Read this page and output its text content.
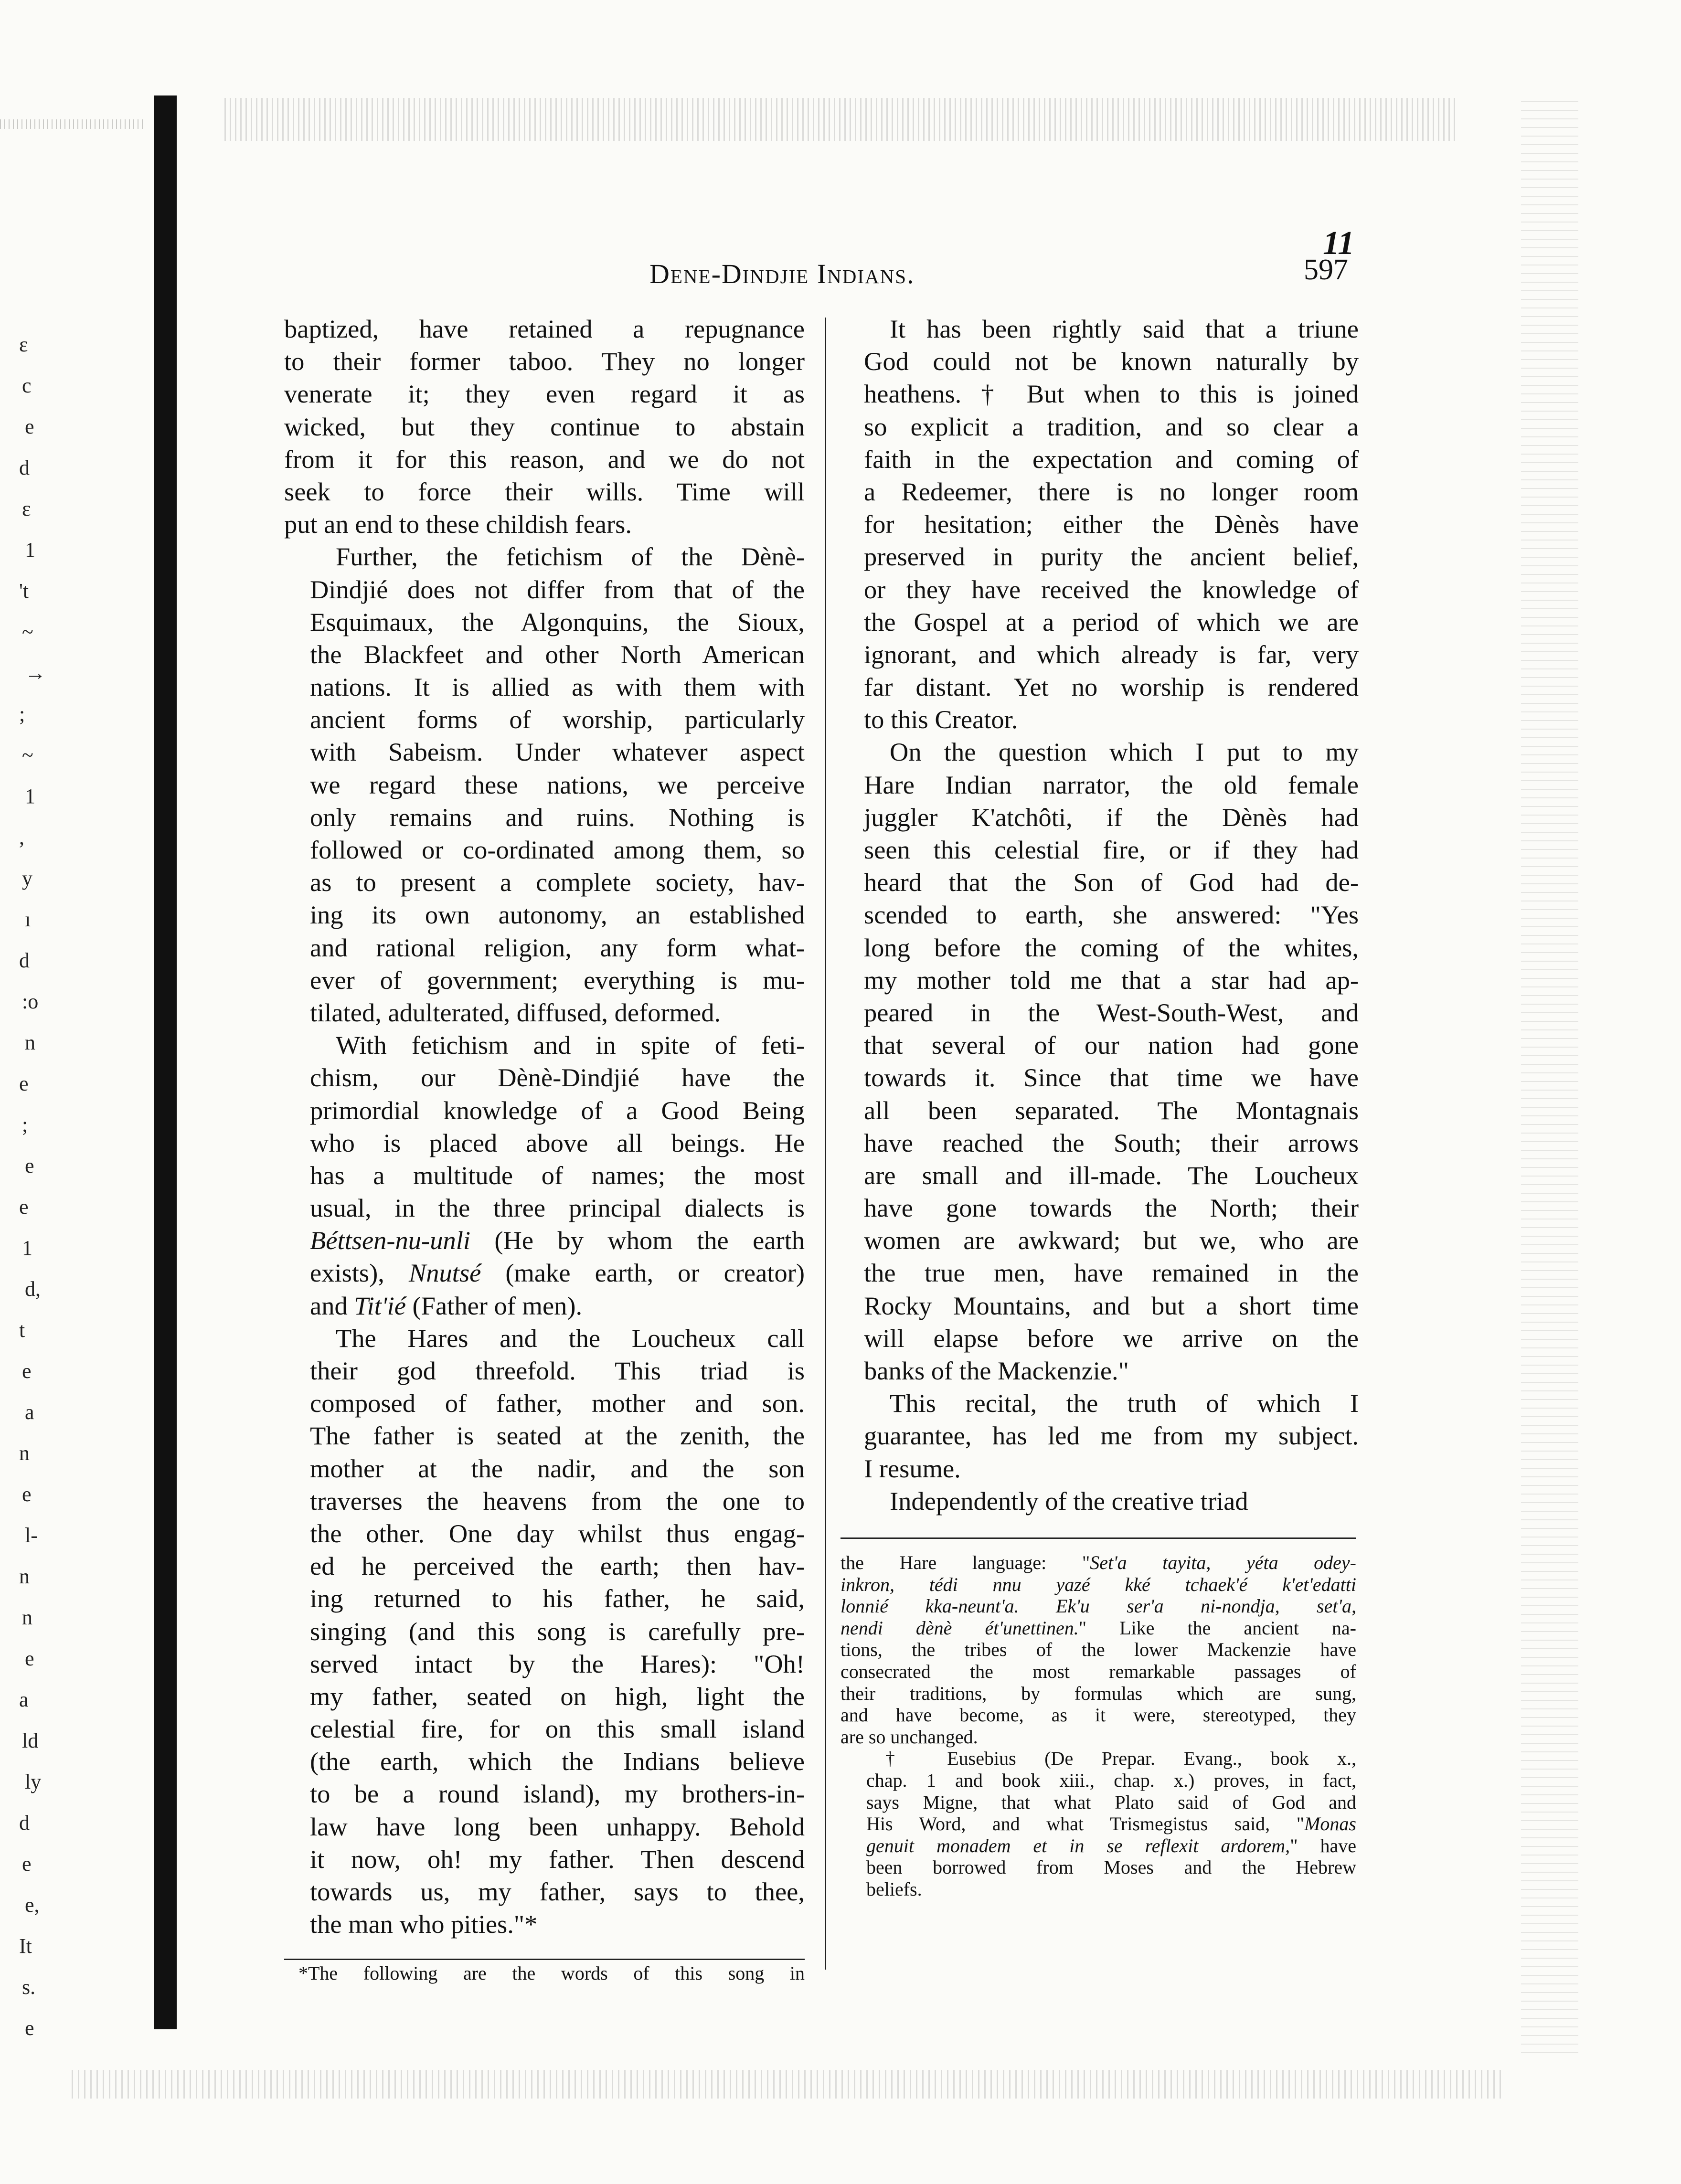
ε
c
e
d
ε
1
't
~
→
;
~
1
,
y
ı
d
:o
n
e
;
e
e
1
d,
t
e
a
n
e
l-
n
n
e
a
ld
ly
d
e
e,
It
s.
e
11
Dene-Dindjie Indians.	597

baptized, have retained a repugnance
to their former taboo. They no longer
venerate it; they even regard it as
wicked, but they continue to abstain
from it for this reason, and we do not
seek to force their wills. Time will
put an end to these childish fears.

Further, the fetichism of the Dènè-
Dindjié does not differ from that of the
Esquimaux, the Algonquins, the Sioux,
the Blackfeet and other North American
nations. It is allied as with them with
ancient forms of worship, particularly
with Sabeism. Under whatever aspect
we regard these nations, we perceive
only remains and ruins. Nothing is
followed or co-ordinated among them, so
as to present a complete society, hav-
ing its own autonomy, an established
and rational religion, any form what-
ever of government; everything is mu-
tilated, adulterated, diffused, deformed.

With fetichism and in spite of feti-
chism, our Dènè-Dindjié have the
primordial knowledge of a Good Being
who is placed above all beings. He
has a multitude of names; the most
usual, in the three principal dialects is
Béttsen-nu-unli (He by whom the earth
exists), Nnutsé (make earth, or creator)
and Tit'ié (Father of men).

The Hares and the Loucheux call
their god threefold. This triad is
composed of father, mother and son.
The father is seated at the zenith, the
mother at the nadir, and the son
traverses the heavens from the one to
the other. One day whilst thus engag-
ed he perceived the earth; then hav-
ing returned to his father, he said,
singing (and this song is carefully pre-
served intact by the Hares): "Oh!
my father, seated on high, light the
celestial fire, for on this small island
(the earth, which the Indians believe
to be a round island), my brothers-in-
law have long been unhappy. Behold
it now, oh! my father. Then descend
towards us, my father, says to thee,
the man who pities."*

It has been rightly said that a triune
God could not be known naturally by
heathens. † But when to this is joined
so explicit a tradition, and so clear a
faith in the expectation and coming of
a Redeemer, there is no longer room
for hesitation; either the Dènès have
preserved in purity the ancient belief,
or they have received the knowledge of
the Gospel at a period of which we are
ignorant, and which already is far, very
far distant. Yet no worship is rendered
to this Creator.

On the question which I put to my
Hare Indian narrator, the old female
juggler K'atchôti, if the Dènès had
seen this celestial fire, or if they had
heard that the Son of God had de-
scended to earth, she answered: "Yes
long before the coming of the whites,
my mother told me that a star had ap-
peared in the West-South-West, and
that several of our nation had gone
towards it. Since that time we have
all been separated. The Montagnais
have reached the South; their arrows
are small and ill-made. The Loucheux
have gone towards the North; their
women are awkward; but we, who are
the true men, have remained in the
Rocky Mountains, and but a short time
will elapse before we arrive on the
banks of the Mackenzie."

This recital, the truth of which I
guarantee, has led me from my subject.
I resume.

Independently of the creative triad

*The following are the words of this song in

the Hare language: "Set'a tayita, yéta odey-
inkron, tédi nnu yazé kké tchaek'é k'et'edatti
lonnié kka-neunt'a. Ek'u ser'a ni-nondja, set'a,
nendi dènè ét'unettinen." Like the ancient na-
tions, the tribes of the lower Mackenzie have
consecrated the most remarkable passages of
their traditions, by formulas which are sung,
and have become, as it were, stereotyped, they
are so unchanged.

† Eusebius (De Prepar. Evang., book x.,
chap. 1 and book xiii., chap. x.) proves, in fact,
says Migne, that what Plato said of God and
His Word, and what Trismegistus said, "Monas
genuit monadem et in se reflexit ardorem," have
been borrowed from Moses and the Hebrew
beliefs.
